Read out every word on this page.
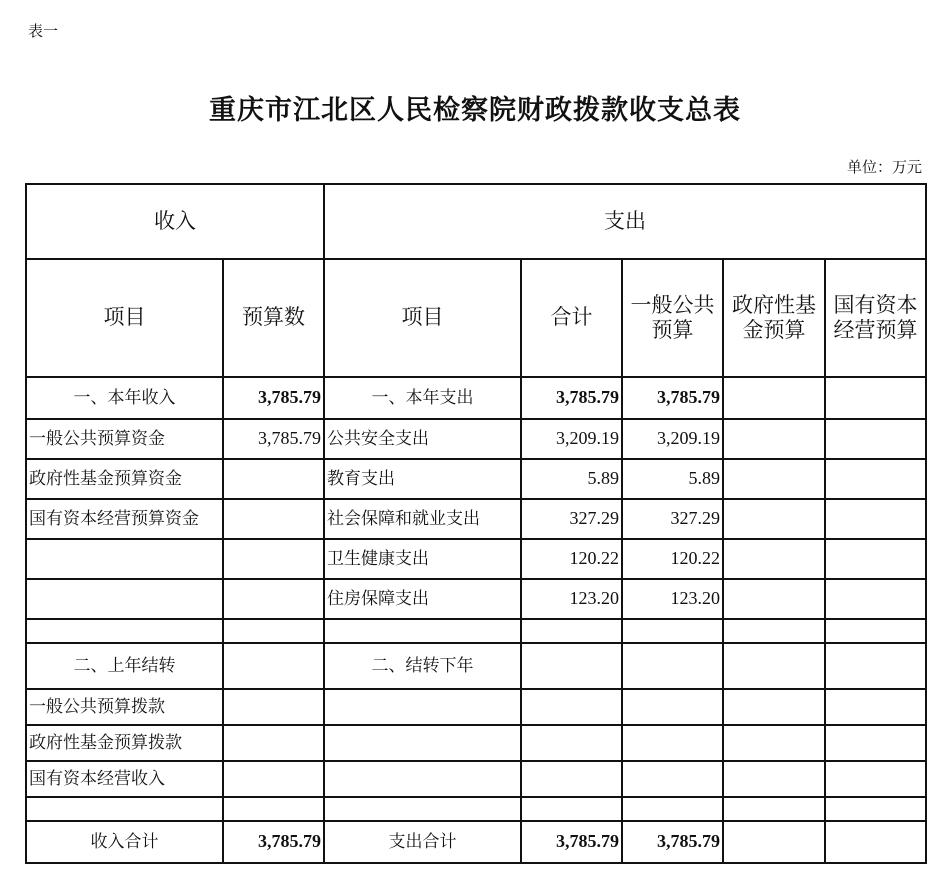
表一
重庆市江北区人民检察院财政拨款收支总表
单位：万元
收入		支出				
项目	预算数	项目	合计	一般公共预算	政府性基金预算	国有资本经营预算
一、本年收入	3,785.79	一、本年支出	3,785.79	3,785.79		
一般公共预算资金	3,785.79	公共安全支出	3,209.19	3,209.19		
政府性基金预算资金		教育支出	5.89	5.89		
国有资本经营预算资金		社会保障和就业支出	327.29	327.29		
		卫生健康支出	120.22	120.22		
		住房保障支出	123.20	123.20		

二、上年结转		二、结转下年				
一般公共预算拨款						
政府性基金预算拨款						
国有资本经营收入						

收入合计	3,785.79	支出合计	3,785.79	3,785.79		
